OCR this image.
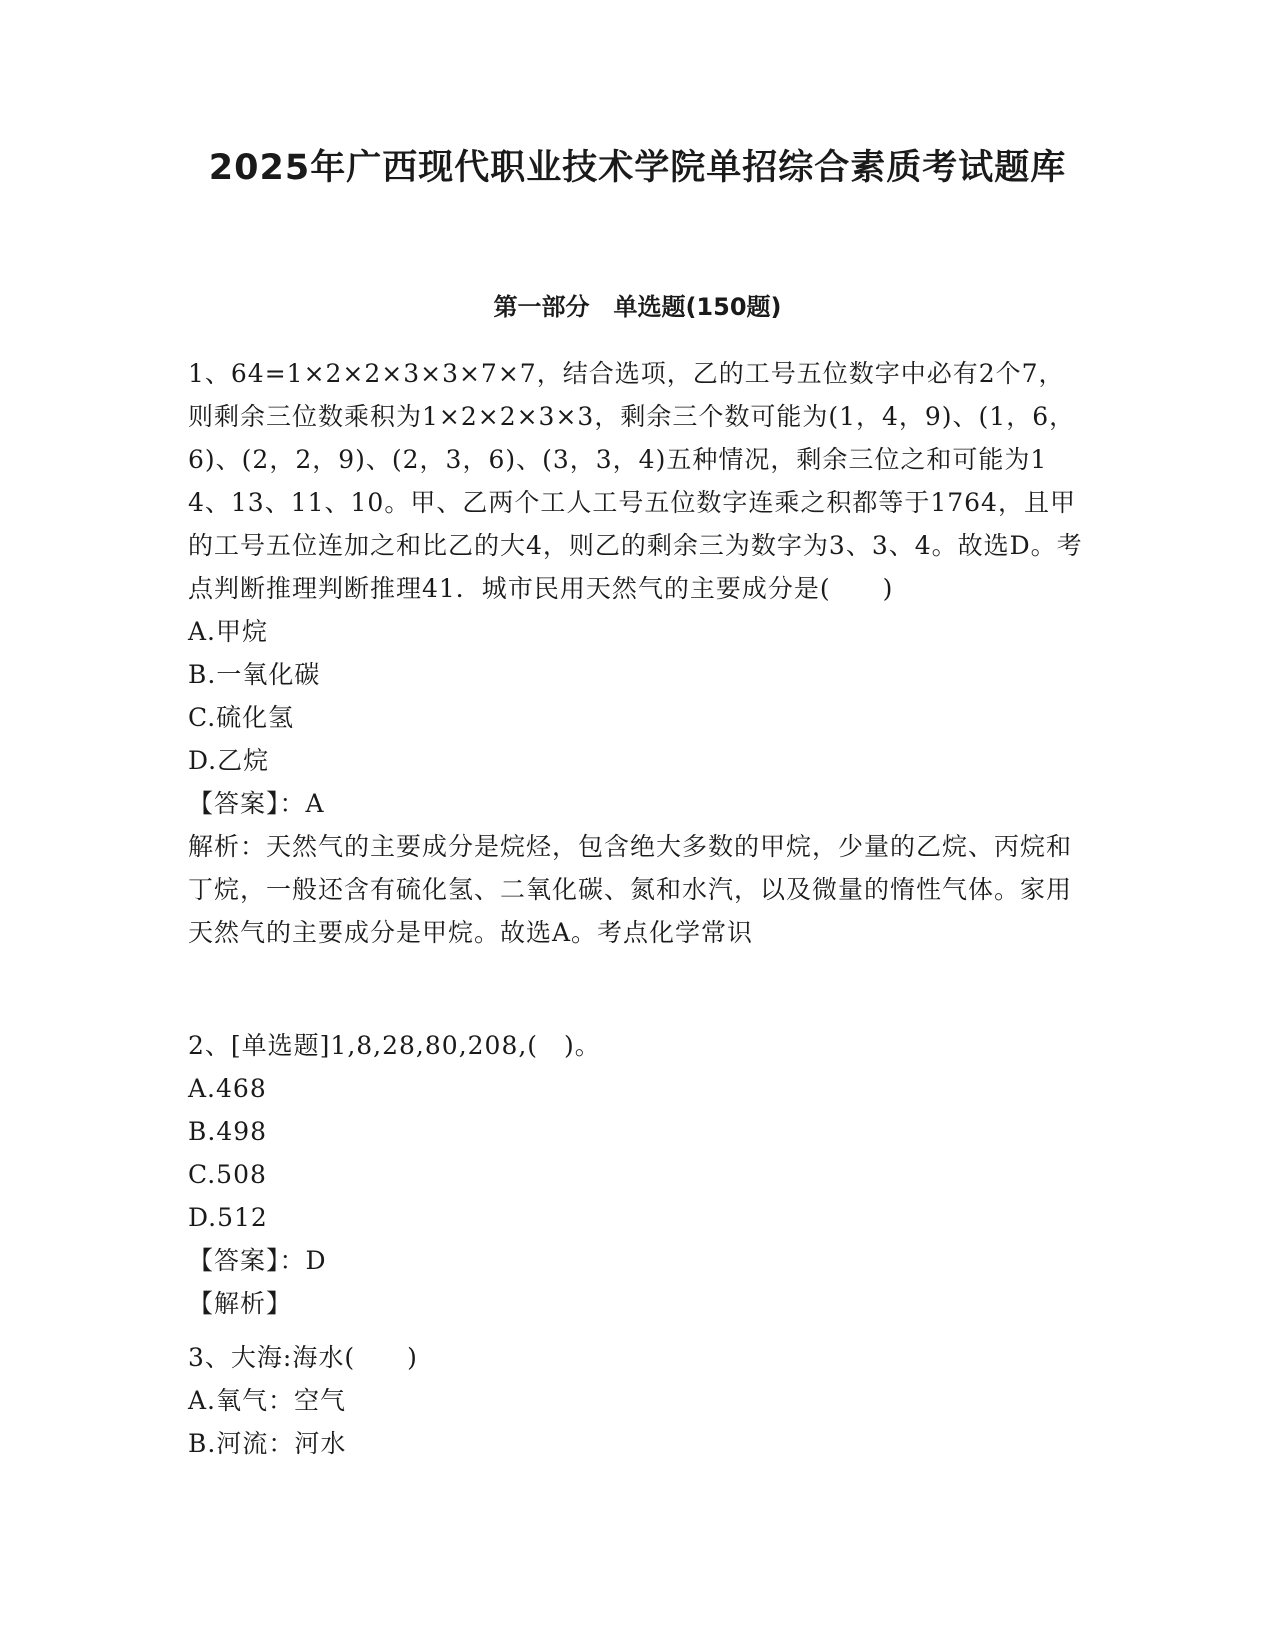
2025年广西现代职业技术学院单招综合素质考试题库
第一部分　单选题(150题)

1、64=1×2×2×3×3×7×7，结合选项，乙的工号五位数字中必有2个7，则剩余三位数乘积为1×2×2×3×3，剩余三个数可能为(1，4，9)、(1，6，6)、(2，2，9)、(2，3，6)、(3，3，4)五种情况，剩余三位之和可能为14、13、11、10。甲、乙两个工人工号五位数字连乘之积都等于1764，且甲的工号五位连加之和比乙的大4，则乙的剩余三为数字为3、3、4。故选D。考点判断推理判断推理41．城市民用天然气的主要成分是(　　)

A.甲烷
B.一氧化碳
C.硫化氢
D.乙烷

【答案】：A

解析：天然气的主要成分是烷烃，包含绝大多数的甲烷，少量的乙烷、丙烷和丁烷，一般还含有硫化氢、二氧化碳、氮和水汽，以及微量的惰性气体。家用天然气的主要成分是甲烷。故选A。考点化学常识

2、[单选题]1,8,28,80,208,(　)。

A.468
B.498
C.508
D.512

【答案】：D

【解析】

3、大海:海水(　　)

A.氧气：空气
B.河流：河水
